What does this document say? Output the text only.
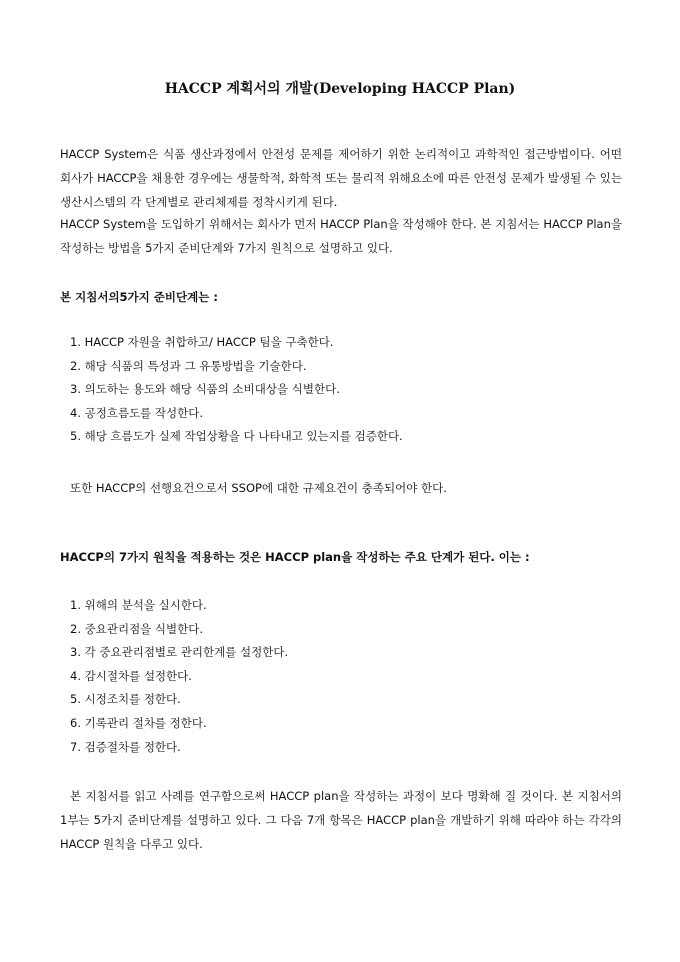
HACCP 계획서의 개발(Developing HACCP Plan)
HACCP System은 식품 생산과정에서 안전성 문제를 제어하기 위한 논리적이고 과학적인 접근방법이다. 어떤 회사가 HACCP을 채용한 경우에는 생물학적, 화학적 또는 물리적 위해요소에 따른 안전성 문제가 발생될 수 있는 생산시스템의 각 단계별로 관리체제를 정착시키게 된다.
HACCP System을 도입하기 위해서는 회사가 먼저 HACCP Plan을 작성해야 한다. 본 지침서는 HACCP Plan을 작성하는 방법을 5가지 준비단계와 7가지 원칙으로 설명하고 있다.
본 지침서의5가지 준비단계는 :
1. HACCP 자원을 취합하고/ HACCP 팀을 구축한다.
2. 해당 식품의 특성과 그 유통방법을 기술한다.
3. 의도하는 용도와 해당 식품의 소비대상을 식별한다.
4. 공정흐름도를 작성한다.
5. 해당 흐름도가 실제 작업상황을 다 나타내고 있는지를 검증한다.
또한 HACCP의 선행요건으로서 SSOP에 대한 규제요건이 충족되어야 한다.
HACCP의 7가지 원칙을 적용하는 것은 HACCP plan을 작성하는 주요 단계가 된다. 이는 :
1. 위해의 분석을 실시한다.
2. 중요관리점을 식별한다.
3. 각 중요관리점별로 관리한계를 설정한다.
4. 감시절차를 설정한다.
5. 시정조치를 정한다.
6. 기록관리 절차를 정한다.
7. 검증절차를 정한다.
본 지침서를 읽고 사례를 연구함으로써 HACCP plan을 작성하는 과정이 보다 명확해 질 것이다. 본 지침서의 1부는 5가지 준비단계를 설명하고 있다. 그 다음 7개 항목은 HACCP plan을 개발하기 위해 따라야 하는 각각의 HACCP 원칙을 다루고 있다.
